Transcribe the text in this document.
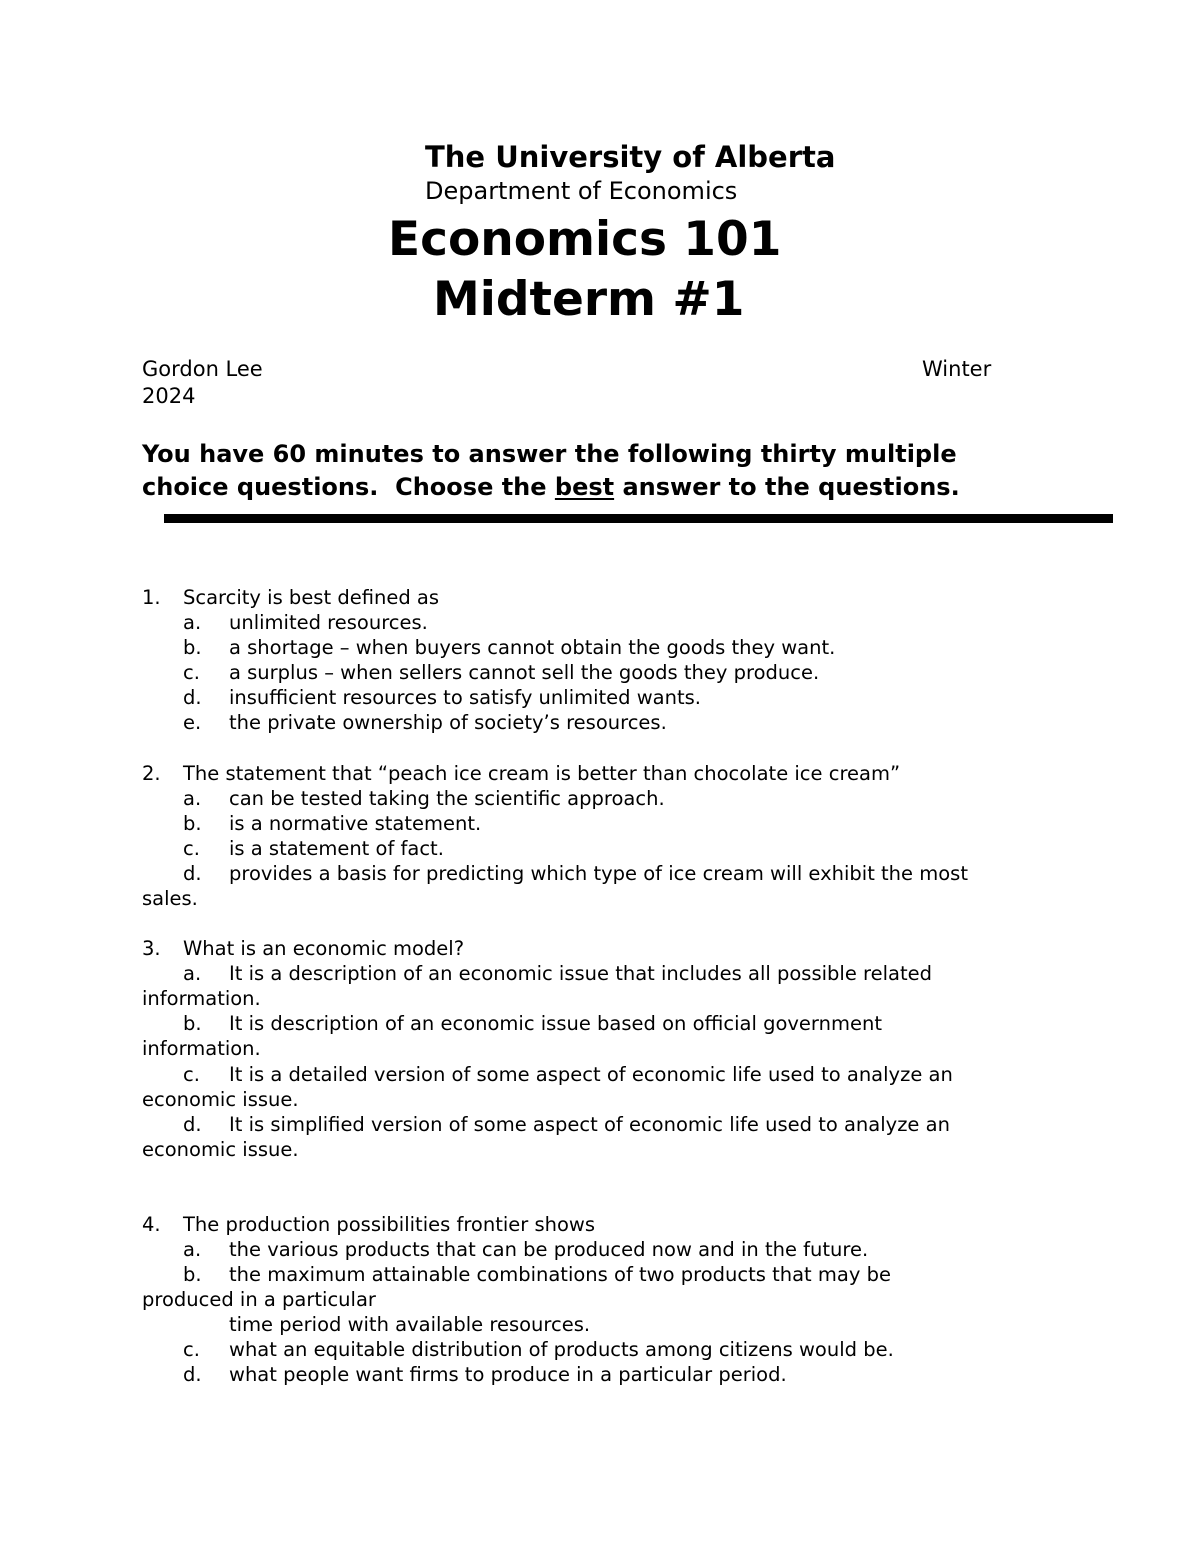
The University of Alberta
Department of Economics
Economics 101
Midterm #1
Gordon Lee	Winter
2024
You have 60 minutes to answer the following thirty multiple
choice questions.  Choose the best answer to the questions.
1. Scarcity is best defined as
a. unlimited resources.
b. a shortage – when buyers cannot obtain the goods they want.
c. a surplus – when sellers cannot sell the goods they produce.
d. insufficient resources to satisfy unlimited wants.
e. the private ownership of society’s resources.
2. The statement that “peach ice cream is better than chocolate ice cream”
a. can be tested taking the scientific approach.
b. is a normative statement.
c. is a statement of fact.
d. provides a basis for predicting which type of ice cream will exhibit the most
sales.
3. What is an economic model?
a. It is a description of an economic issue that includes all possible related
information.
b. It is description of an economic issue based on official government
information.
c. It is a detailed version of some aspect of economic life used to analyze an
economic issue.
d. It is simplified version of some aspect of economic life used to analyze an
economic issue.
4. The production possibilities frontier shows
a. the various products that can be produced now and in the future.
b. the maximum attainable combinations of two products that may be
produced in a particular
time period with available resources.
c. what an equitable distribution of products among citizens would be.
d. what people want firms to produce in a particular period.
